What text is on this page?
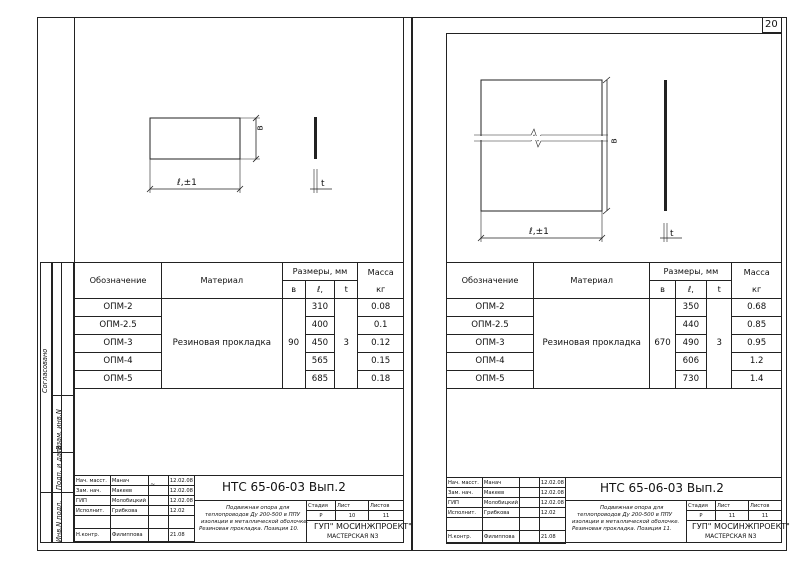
Инв.N подл.
Подп. и дата
Взам. инв.N
Согласовано
в
ℓ,±1	t
Обозначение	Материал	Размеры, мм			Масса
		в	ℓ,	t	кг
ОПМ-2	Резиновая прокладка	90	310	3	0.08
ОПМ-2.5			400		0.1
ОПМ-3			450		0.12
ОПМ-4			565		0.15
ОПМ-5			685		0.18
Нач. масст.	Манач	~	12.02.08
Зам. нач.	Макеев		12.02.08
ГИП	Молобицкий		12.02.08
Исполнит.	Грибкова		12.02

Н.контр.	Филиппова		21.08
НТС 65-06-03 Вып.2
Подвижная опора для
теплопроводов Ду 200-500 в ППУ
изоляции в металлической оболочке.
Резиновая прокладка. Позиция 10.
Стадия	Лист	Листов
Р	10	11
ГУП" МОСИНЖПРОЕКТ"
МАСТЕРСКАЯ N3
20
в
ℓ,±1	t
Обозначение	Материал	Размеры, мм			Масса
		в	ℓ,	t	кг
ОПМ-2	Резиновая прокладка	670	350	3	0.68
ОПМ-2.5			440		0.85
ОПМ-3			490		0.95
ОПМ-4			606		1.2
ОПМ-5			730		1.4
Нач. масст.	Манач		12.02.08
Зам. нач.	Макеев		12.02.08
ГИП	Молобицкий		12.02.08
Исполнит.	Грибкова		12.02

Н.контр.	Филиппова		21.08
НТС 65-06-03 Вып.2
Подвижная опора для
теплопроводов Ду 200-500 в ППУ
изоляции в металлической оболочке.
Резиновая прокладка. Позиция 11.
Стадия	Лист	Листов
Р	11	11
ГУП" МОСИНЖПРОЕКТ"
МАСТЕРСКАЯ N3
